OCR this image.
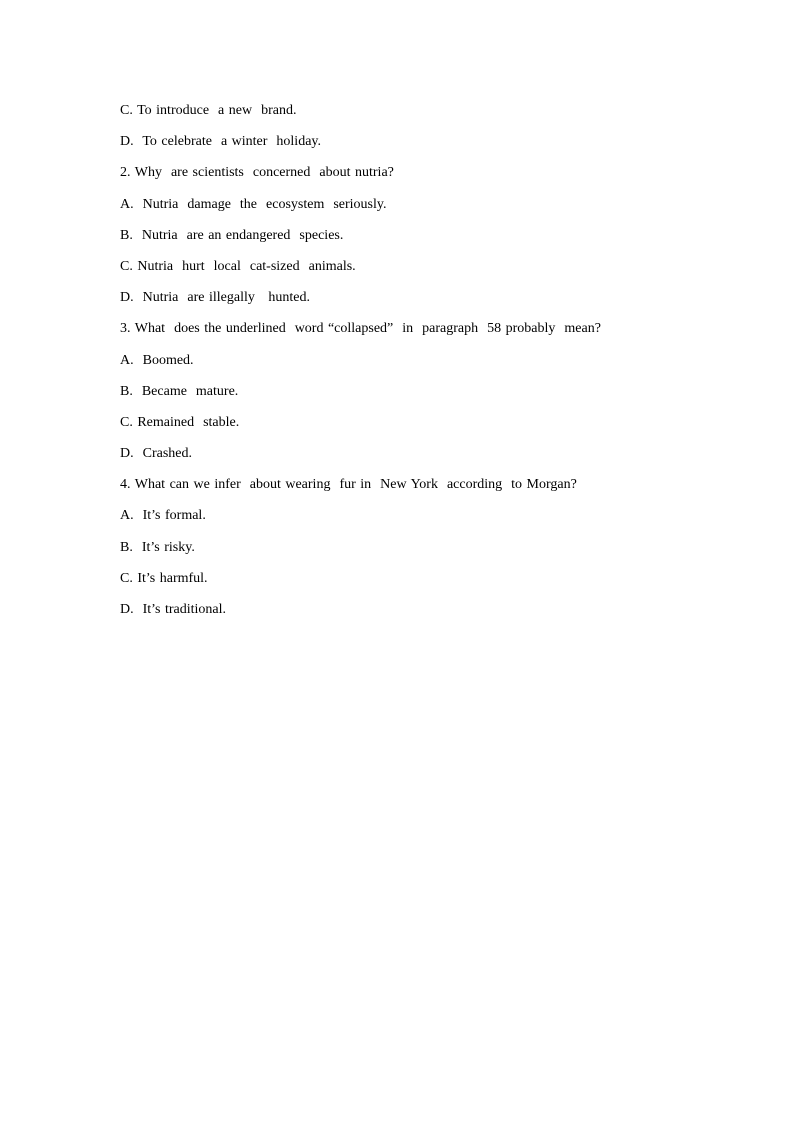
C. To introduce  a new  brand.
D.  To celebrate  a winter  holiday.
2. Why  are scientists  concerned  about nutria?
A.  Nutria  damage  the  ecosystem  seriously.
B.  Nutria  are an endangered  species.
C. Nutria  hurt  local  cat-sized  animals.
D.  Nutria  are illegally   hunted.
3. What  does the underlined  word “collapsed”  in  paragraph  58 probably  mean?
A.  Boomed.
B.  Became  mature.
C. Remained  stable.
D.  Crashed.
4. What can we infer  about wearing  fur in  New York  according  to Morgan?
A.  It’s formal.
B.  It’s risky.
C. It’s harmful.
D.  It’s traditional.
